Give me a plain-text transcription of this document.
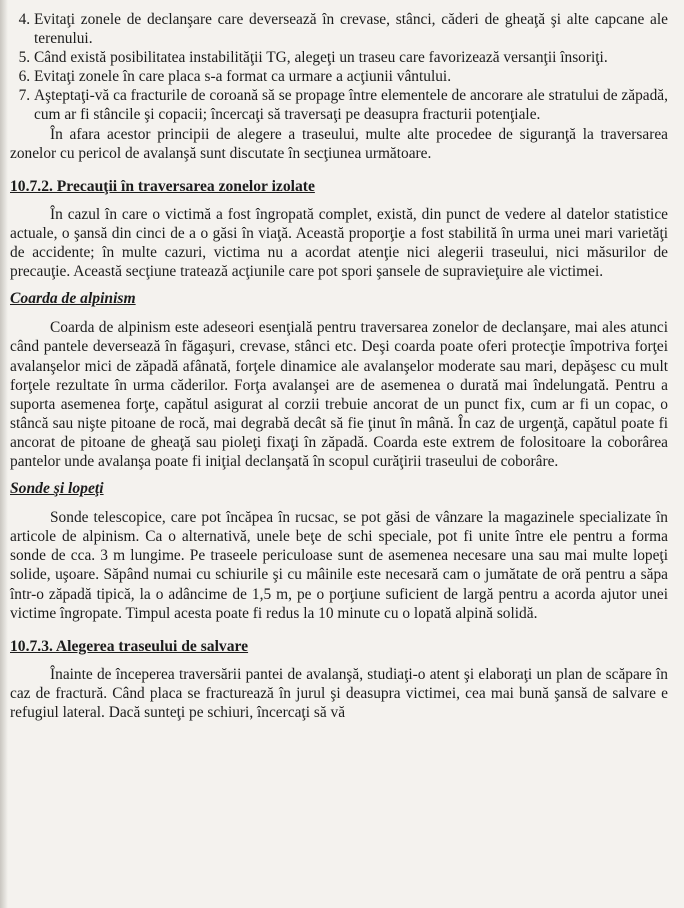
4. Evitaţi zonele de declanşare care deversează în crevase, stânci, căderi de gheaţă şi alte capcane ale terenului.
5. Când există posibilitatea instabilităţii TG, alegeţi un traseu care favorizează versanţii însoriţi.
6. Evitaţi zonele în care placa s-a format ca urmare a acţiunii vântului.
7. Aşteptaţi-vă ca fracturile de coroană să se propage între elementele de ancorare ale stratului de zăpadă, cum ar fi stâncile şi copacii; încercaţi să traversaţi pe deasupra fracturii potenţiale.

În afara acestor principii de alegere a traseului, multe alte procedee de siguranţă la traversarea zonelor cu pericol de avalanşă sunt discutate în secţiunea următoare.

10.7.2. Precauţii în traversarea zonelor izolate

În cazul în care o victimă a fost îngropată complet, există, din punct de vedere al datelor statistice actuale, o şansă din cinci de a o găsi în viaţă. Această proporţie a fost stabilită în urma unei mari varietăţi de accidente; în multe cazuri, victima nu a acordat atenţie nici alegerii traseului, nici măsurilor de precauţie. Această secţiune tratează acţiunile care pot spori şansele de supravieţuire ale victimei.

Coarda de alpinism

Coarda de alpinism este adeseori esenţială pentru traversarea zonelor de declanşare, mai ales atunci când pantele deversează în făgaşuri, crevase, stânci etc. Deşi coarda poate oferi protecţie împotriva forţei avalanşelor mici de zăpadă afânată, forţele dinamice ale avalanşelor moderate sau mari, depăşesc cu mult forţele rezultate în urma căderilor. Forţa avalanşei are de asemenea o durată mai îndelungată. Pentru a suporta asemenea forţe, capătul asigurat al corzii trebuie ancorat de un punct fix, cum ar fi un copac, o stâncă sau nişte pitoane de rocă, mai degrabă decât să fie ţinut în mână. În caz de urgenţă, capătul poate fi ancorat de pitoane de gheaţă sau pioleţi fixaţi în zăpadă. Coarda este extrem de folositoare la coborârea pantelor unde avalanşa poate fi iniţial declanşată în scopul curăţirii traseului de coborâre.

Sonde şi lopeţi

Sonde telescopice, care pot încăpea în rucsac, se pot găsi de vânzare la magazinele specializate în articole de alpinism. Ca o alternativă, unele beţe de schi speciale, pot fi unite între ele pentru a forma sonde de cca. 3 m lungime. Pe traseele periculoase sunt de asemenea necesare una sau mai multe lopeţi solide, uşoare. Săpând numai cu schiurile şi cu mâinile este necesară cam o jumătate de oră pentru a săpa într-o zăpadă tipică, la o adâncime de 1,5 m, pe o porţiune suficient de largă pentru a acorda ajutor unei victime îngropate. Timpul acesta poate fi redus la 10 minute cu o lopată alpină solidă.

10.7.3. Alegerea traseului de salvare

Înainte de începerea traversării pantei de avalanşă, studiaţi-o atent şi elaboraţi un plan de scăpare în caz de fractură. Când placa se fracturează în jurul şi deasupra victimei, cea mai bună şansă de salvare e refugiul lateral. Dacă sunteţi pe schiuri, încercaţi să vă
